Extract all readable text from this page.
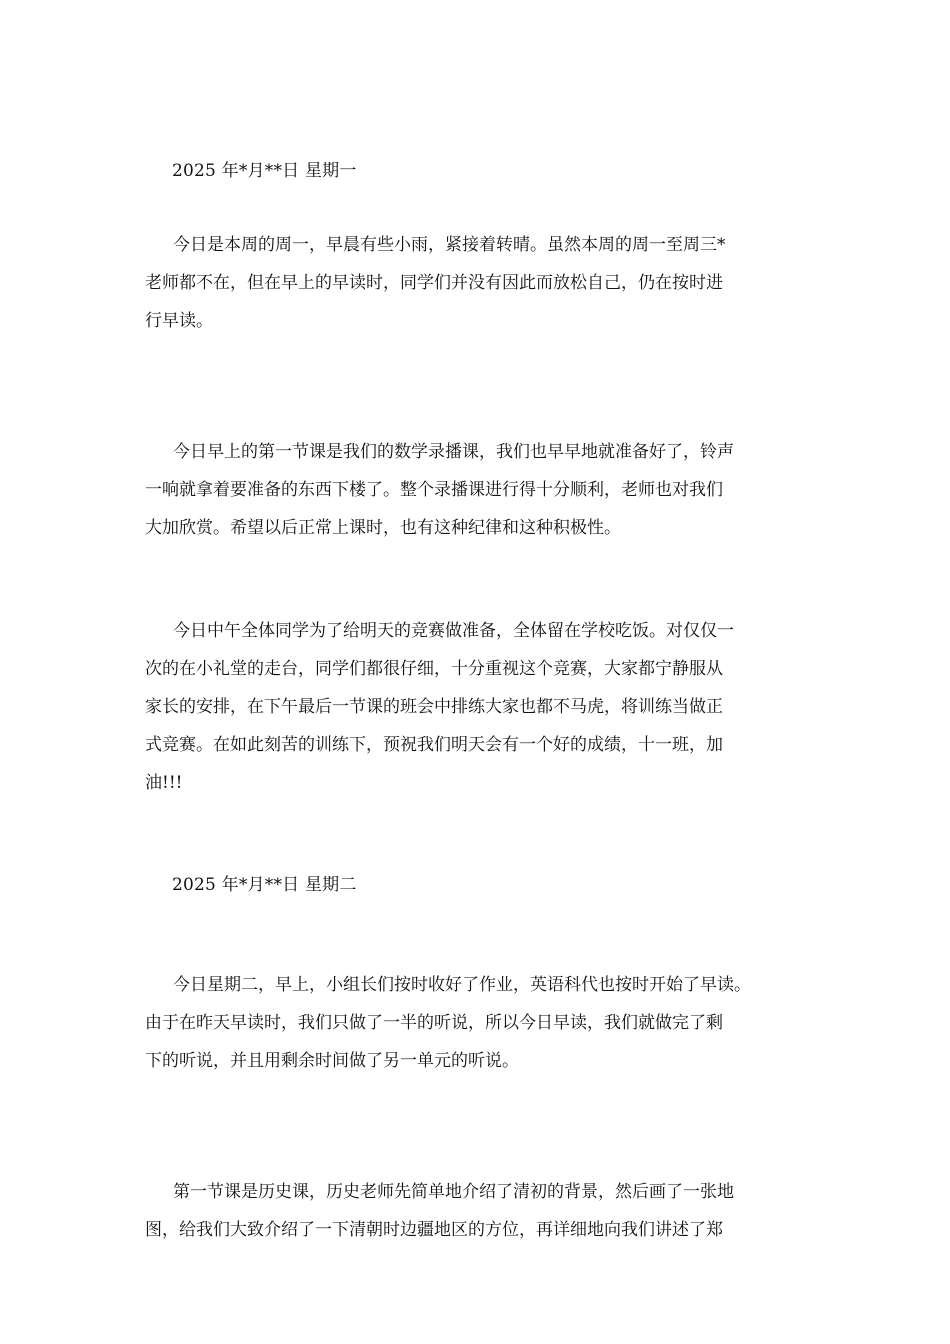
2025 年*月**日 星期一

今日是本周的周一，早晨有些小雨，紧接着转晴。虽然本周的周一至周三*
老师都不在，但在早上的早读时，同学们并没有因此而放松自己，仍在按时进
行早读。

今日早上的第一节课是我们的数学录播课，我们也早早地就准备好了，铃声
一响就拿着要准备的东西下楼了。整个录播课进行得十分顺利，老师也对我们
大加欣赏。希望以后正常上课时，也有这种纪律和这种积极性。

今日中午全体同学为了给明天的竞赛做准备，全体留在学校吃饭。对仅仅一
次的在小礼堂的走台，同学们都很仔细，十分重视这个竞赛，大家都宁静服从
家长的安排，在下午最后一节课的班会中排练大家也都不马虎，将训练当做正
式竞赛。在如此刻苦的训练下，预祝我们明天会有一个好的成绩，十一班，加
油!!!

2025 年*月**日 星期二

今日星期二，早上，小组长们按时收好了作业，英语科代也按时开始了早读。
由于在昨天早读时，我们只做了一半的听说，所以今日早读，我们就做完了剩
下的听说，并且用剩余时间做了另一单元的听说。

第一节课是历史课，历史老师先简单地介绍了清初的背景，然后画了一张地
图，给我们大致介绍了一下清朝时边疆地区的方位，再详细地向我们讲述了郑
